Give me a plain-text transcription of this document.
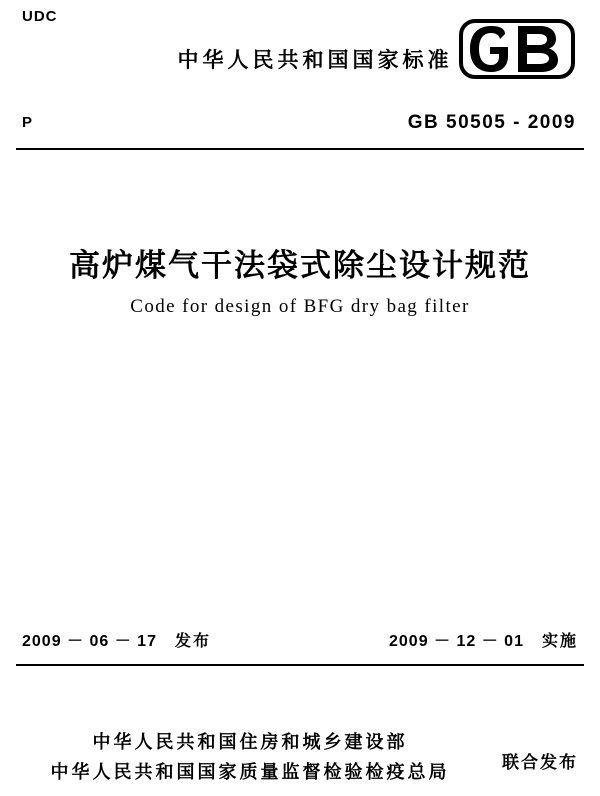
UDC
中华人民共和国国家标准
P	GB 50505 - 2009
高炉煤气干法袋式除尘设计规范
Code for design of BFG dry bag filter
2009 － 06 － 17 发布	2009 － 12 － 01 实施
中华人民共和国住房和城乡建设部
中华人民共和国国家质量监督检验检疫总局	联合发布
